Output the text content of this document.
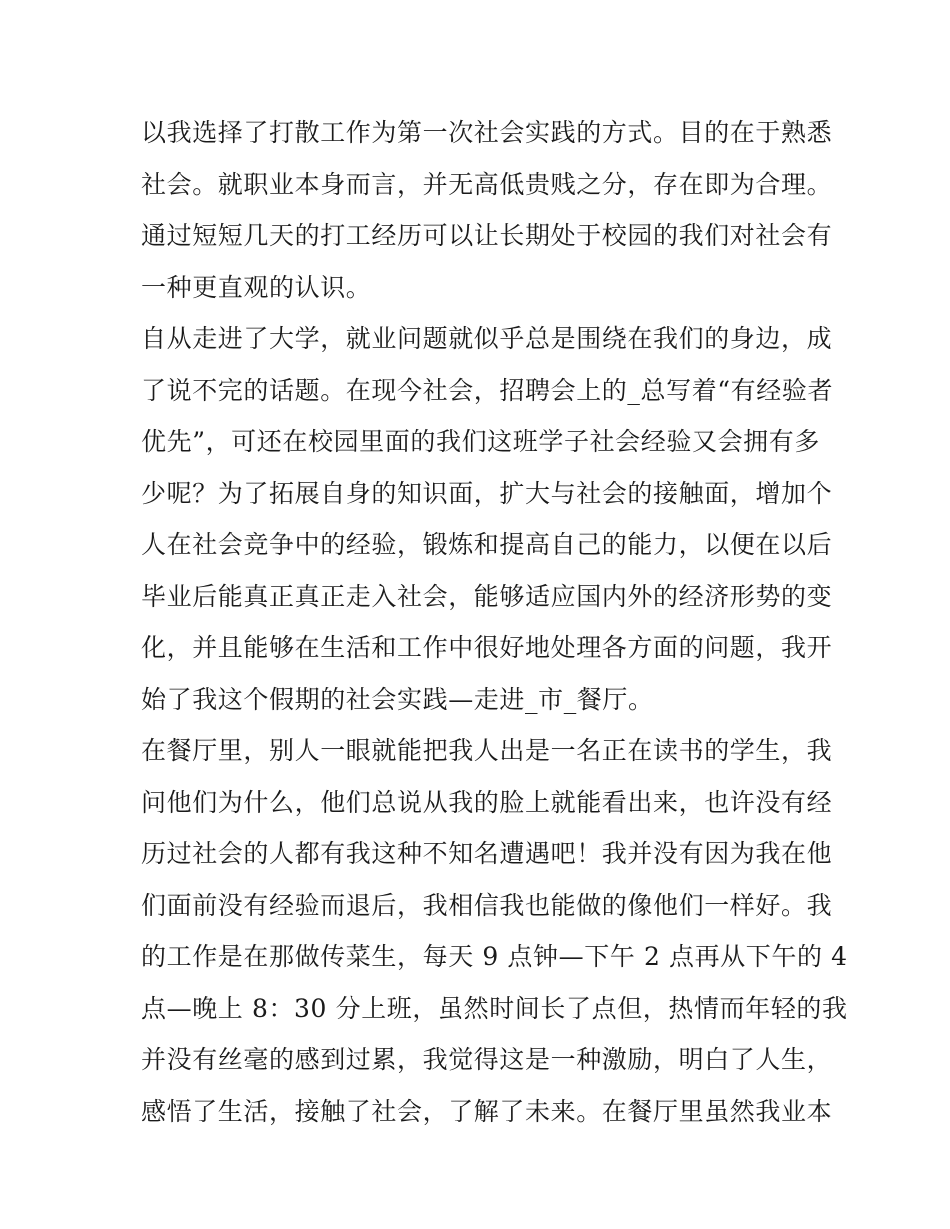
以我选择了打散工作为第一次社会实践的方式。目的在于熟悉
社会。就职业本身而言，并无高低贵贱之分，存在即为合理。
通过短短几天的打工经历可以让长期处于校园的我们对社会有
一种更直观的认识。

自从走进了大学，就业问题就似乎总是围绕在我们的身边，成
了说不完的话题。在现今社会，招聘会上的_总写着“有经验者
优先”，可还在校园里面的我们这班学子社会经验又会拥有多
少呢？为了拓展自身的知识面，扩大与社会的接触面，增加个
人在社会竞争中的经验，锻炼和提高自己的能力，以便在以后
毕业后能真正真正走入社会，能够适应国内外的经济形势的变
化，并且能够在生活和工作中很好地处理各方面的问题，我开
始了我这个假期的社会实践—走进_市_餐厅。

在餐厅里，别人一眼就能把我人出是一名正在读书的学生，我
问他们为什么，他们总说从我的脸上就能看出来，也许没有经
历过社会的人都有我这种不知名遭遇吧！我并没有因为我在他
们面前没有经验而退后，我相信我也能做的像他们一样好。我
的工作是在那做传菜生，每天 9 点钟—下午 2 点再从下午的 4
点—晚上 8：30 分上班，虽然时间长了点但，热情而年轻的我
并没有丝毫的感到过累，我觉得这是一种激励，明白了人生，
感悟了生活，接触了社会，了解了未来。在餐厅里虽然我业本
